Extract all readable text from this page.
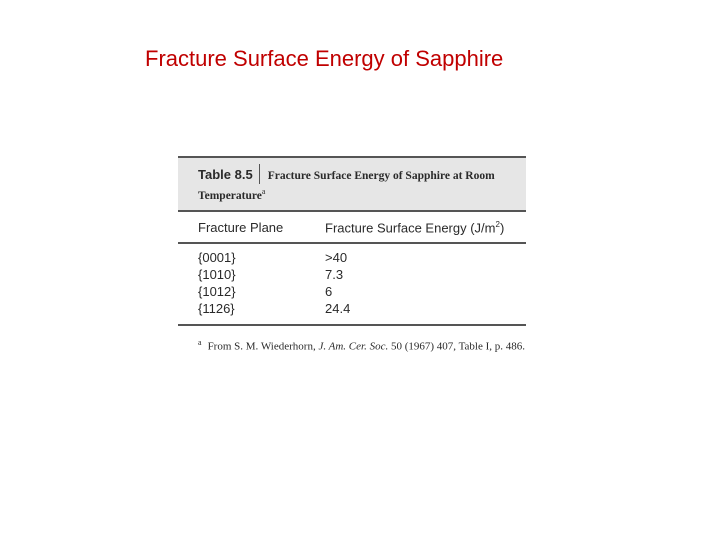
Fracture Surface Energy of Sapphire
Table 8.5 Fracture Surface Energy of Sapphire at Room Temperature$^a$
Fracture Plane	Fracture Surface Energy $(J/m^2)$
{0001}	>40
{1010}	7.3
{1012}	6
{1126}	24.4
$^a$ From S. M. Wiederhorn, J. Am. Cer. Soc. 50 (1967) 407, Table I, p. 486.
